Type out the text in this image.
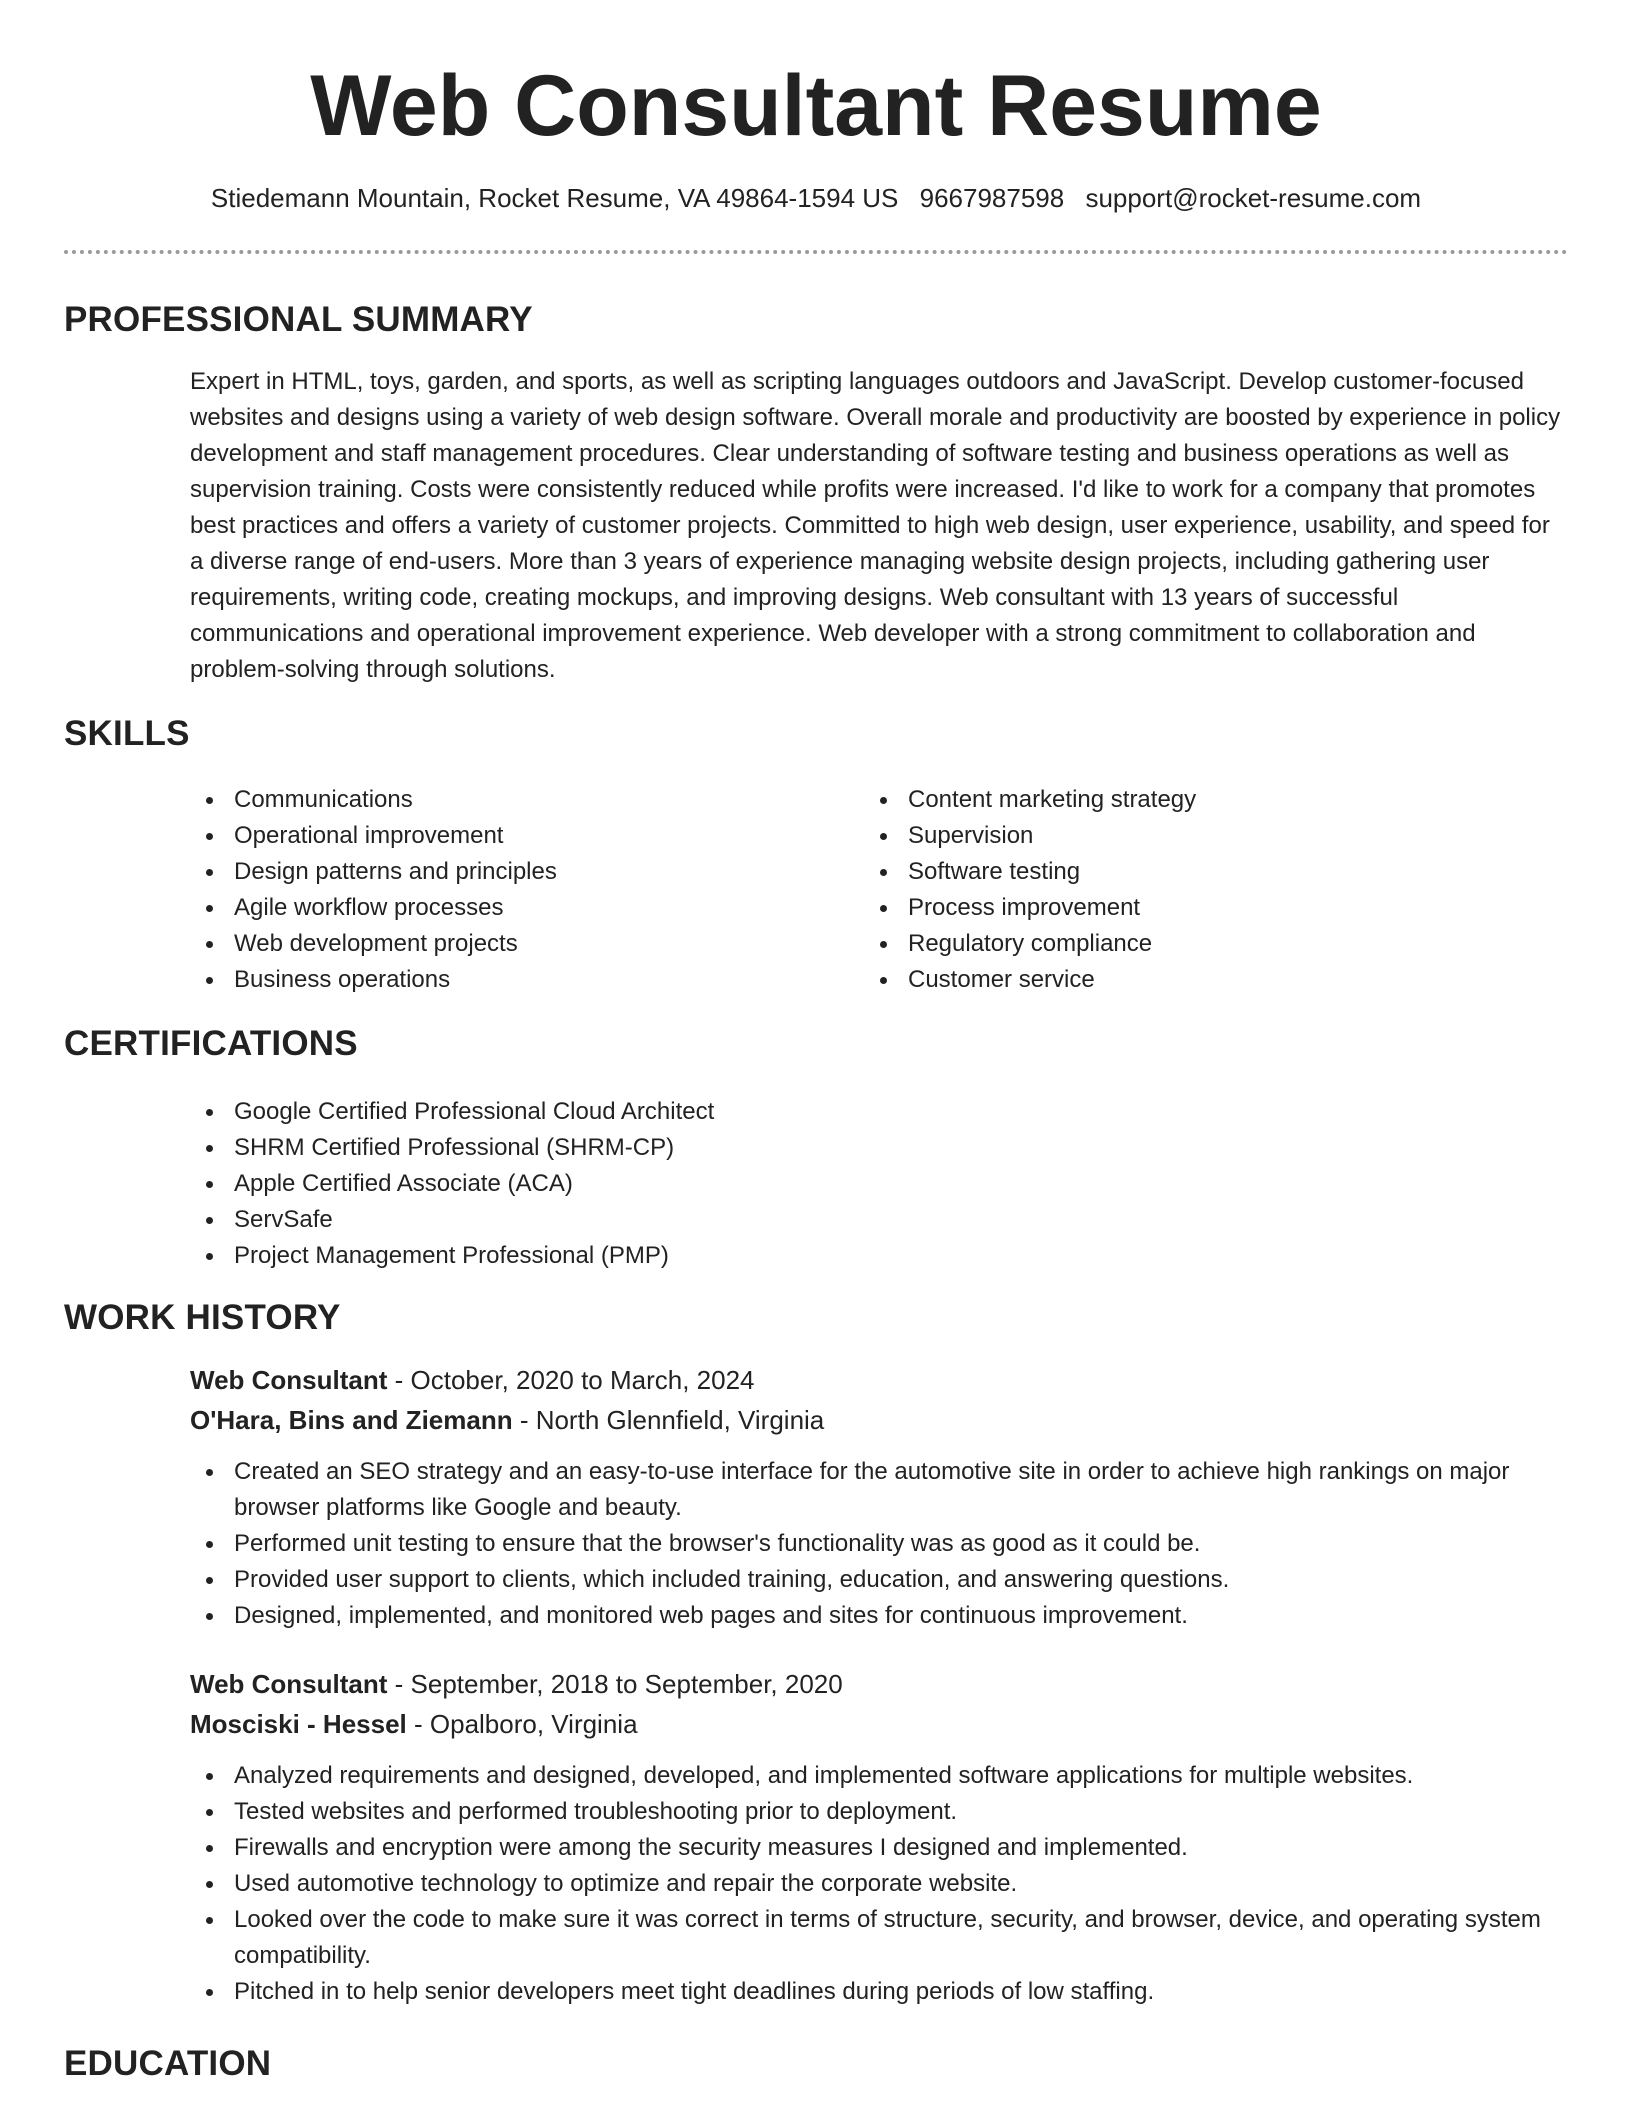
Web Consultant Resume
Stiedemann Mountain, Rocket Resume, VA 49864-1594 US 9667987598 support@rocket-resume.com
PROFESSIONAL SUMMARY

Expert in HTML, toys, garden, and sports, as well as scripting languages outdoors and JavaScript. Develop customer-focused websites and designs using a variety of web design software. Overall morale and productivity are boosted by experience in policy development and staff management procedures. Clear understanding of software testing and business operations as well as supervision training. Costs were consistently reduced while profits were increased. I'd like to work for a company that promotes best practices and offers a variety of customer projects. Committed to high web design, user experience, usability, and speed for a diverse range of end-users. More than 3 years of experience managing website design projects, including gathering user requirements, writing code, creating mockups, and improving designs. Web consultant with 13 years of successful communications and operational improvement experience. Web developer with a strong commitment to collaboration and problem-solving through solutions.

SKILLS
Communications
Operational improvement
Design patterns and principles
Agile workflow processes
Web development projects
Business operations
Content marketing strategy
Supervision
Software testing
Process improvement
Regulatory compliance
Customer service
CERTIFICATIONS
Google Certified Professional Cloud Architect
SHRM Certified Professional (SHRM-CP)
Apple Certified Associate (ACA)
ServSafe
Project Management Professional (PMP)
WORK HISTORY
Web Consultant - October, 2020 to March, 2024
O'Hara, Bins and Ziemann - North Glennfield, Virginia
Created an SEO strategy and an easy-to-use interface for the automotive site in order to achieve high rankings on major browser platforms like Google and beauty.
Performed unit testing to ensure that the browser's functionality was as good as it could be.
Provided user support to clients, which included training, education, and answering questions.
Designed, implemented, and monitored web pages and sites for continuous improvement.
Web Consultant - September, 2018 to September, 2020
Mosciski - Hessel - Opalboro, Virginia
Analyzed requirements and designed, developed, and implemented software applications for multiple websites.
Tested websites and performed troubleshooting prior to deployment.
Firewalls and encryption were among the security measures I designed and implemented.
Used automotive technology to optimize and repair the corporate website.
Looked over the code to make sure it was correct in terms of structure, security, and browser, device, and operating system compatibility.
Pitched in to help senior developers meet tight deadlines during periods of low staffing.
EDUCATION
